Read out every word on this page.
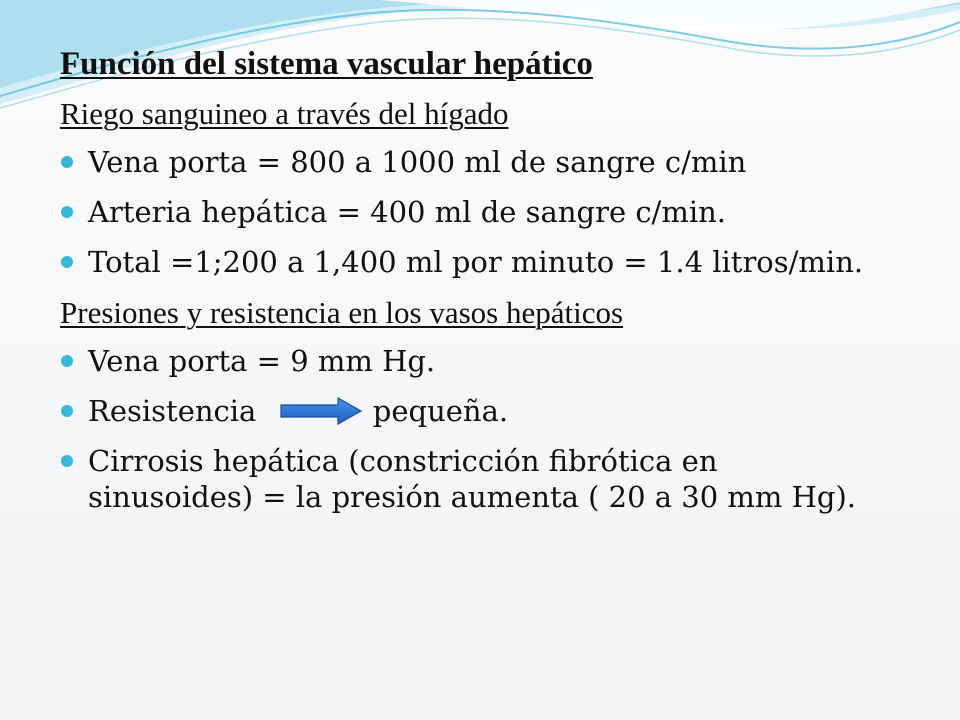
Función del sistema vascular hepático
Riego sanguineo a través del hígado
Vena porta = 800 a 1000 ml de sangre c/min
Arteria hepática = 400 ml de sangre c/min.
Total =1;200 a 1,400 ml por minuto = 1.4 litros/min.
Presiones y resistencia en los vasos hepáticos
Vena porta = 9 mm Hg.
Resistencia	pequeña.
Cirrosis hepática (constricción fibrótica en sinusoides) = la presión aumenta ( 20 a 30 mm Hg).
